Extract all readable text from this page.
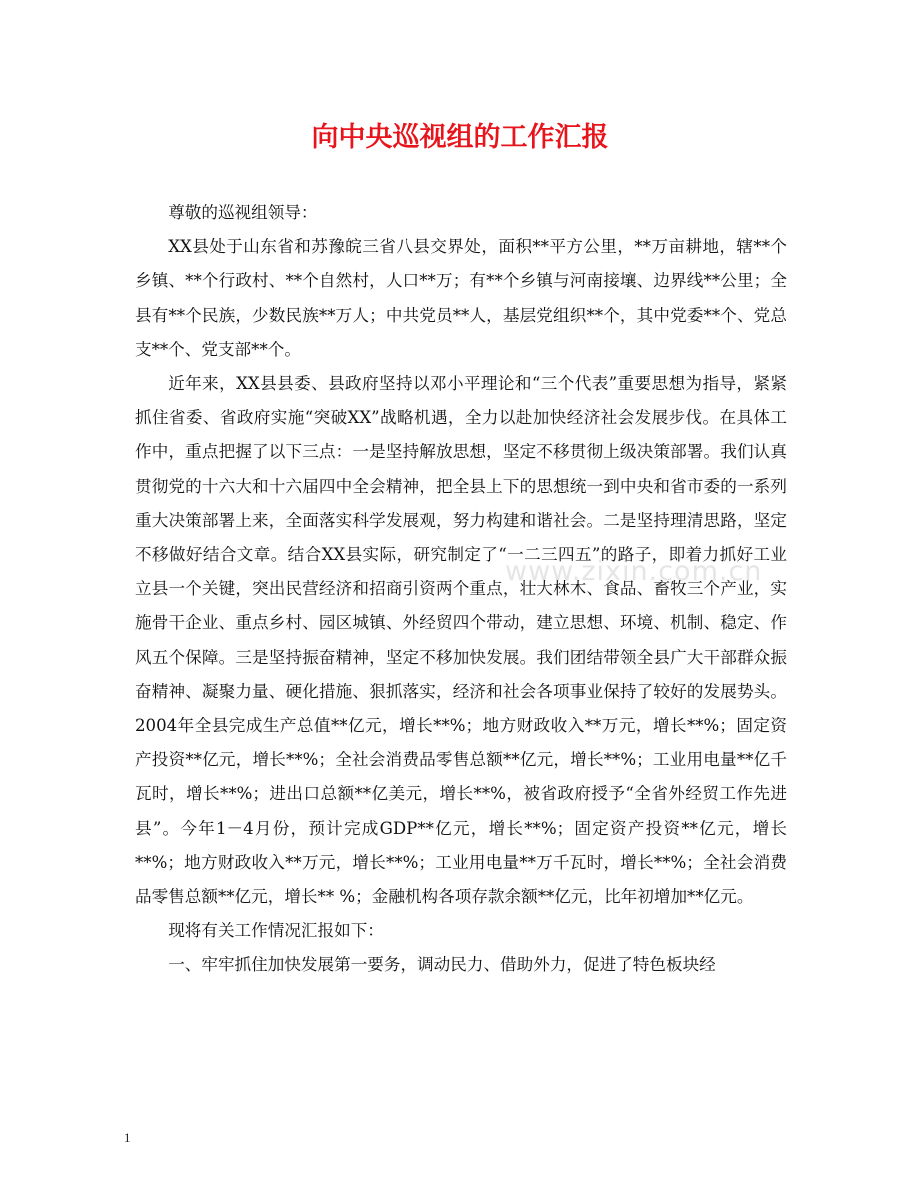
向中央巡视组的工作汇报

尊敬的巡视组领导：

XX县处于山东省和苏豫皖三省八县交界处，面积**平方公里，**万亩耕地，辖**个乡镇、**个行政村、**个自然村，人口**万；有**个乡镇与河南接壤、边界线**公里；全县有**个民族，少数民族**万人；中共党员**人，基层党组织**个，其中党委**个、党总支**个、党支部**个。

近年来，XX县县委、县政府坚持以邓小平理论和“三个代表”重要思想为指导，紧紧抓住省委、省政府实施“突破XX”战略机遇，全力以赴加快经济社会发展步伐。在具体工作中，重点把握了以下三点：一是坚持解放思想，坚定不移贯彻上级决策部署。我们认真贯彻党的十六大和十六届四中全会精神，把全县上下的思想统一到中央和省市委的一系列重大决策部署上来，全面落实科学发展观，努力构建和谐社会。二是坚持理清思路，坚定不移做好结合文章。结合XX县实际，研究制定了“一二三四五”的路子，即着力抓好工业立县一个关键，突出民营经济和招商引资两个重点，壮大林木、食品、畜牧三个产业，实施骨干企业、重点乡村、园区城镇、外经贸四个带动，建立思想、环境、机制、稳定、作风五个保障。三是坚持振奋精神，坚定不移加快发展。我们团结带领全县广大干部群众振奋精神、凝聚力量、硬化措施、狠抓落实，经济和社会各项事业保持了较好的发展势头。2004年全县完成生产总值**亿元，增长**%；地方财政收入**万元，增长**%；固定资产投资**亿元，增长**%；全社会消费品零售总额**亿元，增长**%；工业用电量**亿千瓦时，增长**%；进出口总额**亿美元，增长**%，被省政府授予“全省外经贸工作先进县”。今年1－4月份，预计完成GDP**亿元，增长**%；固定资产投资**亿元，增长**%；地方财政收入**万元，增长**%；工业用电量**万千瓦时，增长**%；全社会消费品零售总额**亿元，增长** %；金融机构各项存款余额**亿元，比年初增加**亿元。

现将有关工作情况汇报如下：

一、牢牢抓住加快发展第一要务，调动民力、借助外力，促进了特色板块经

www.zixin.com.cn
1
